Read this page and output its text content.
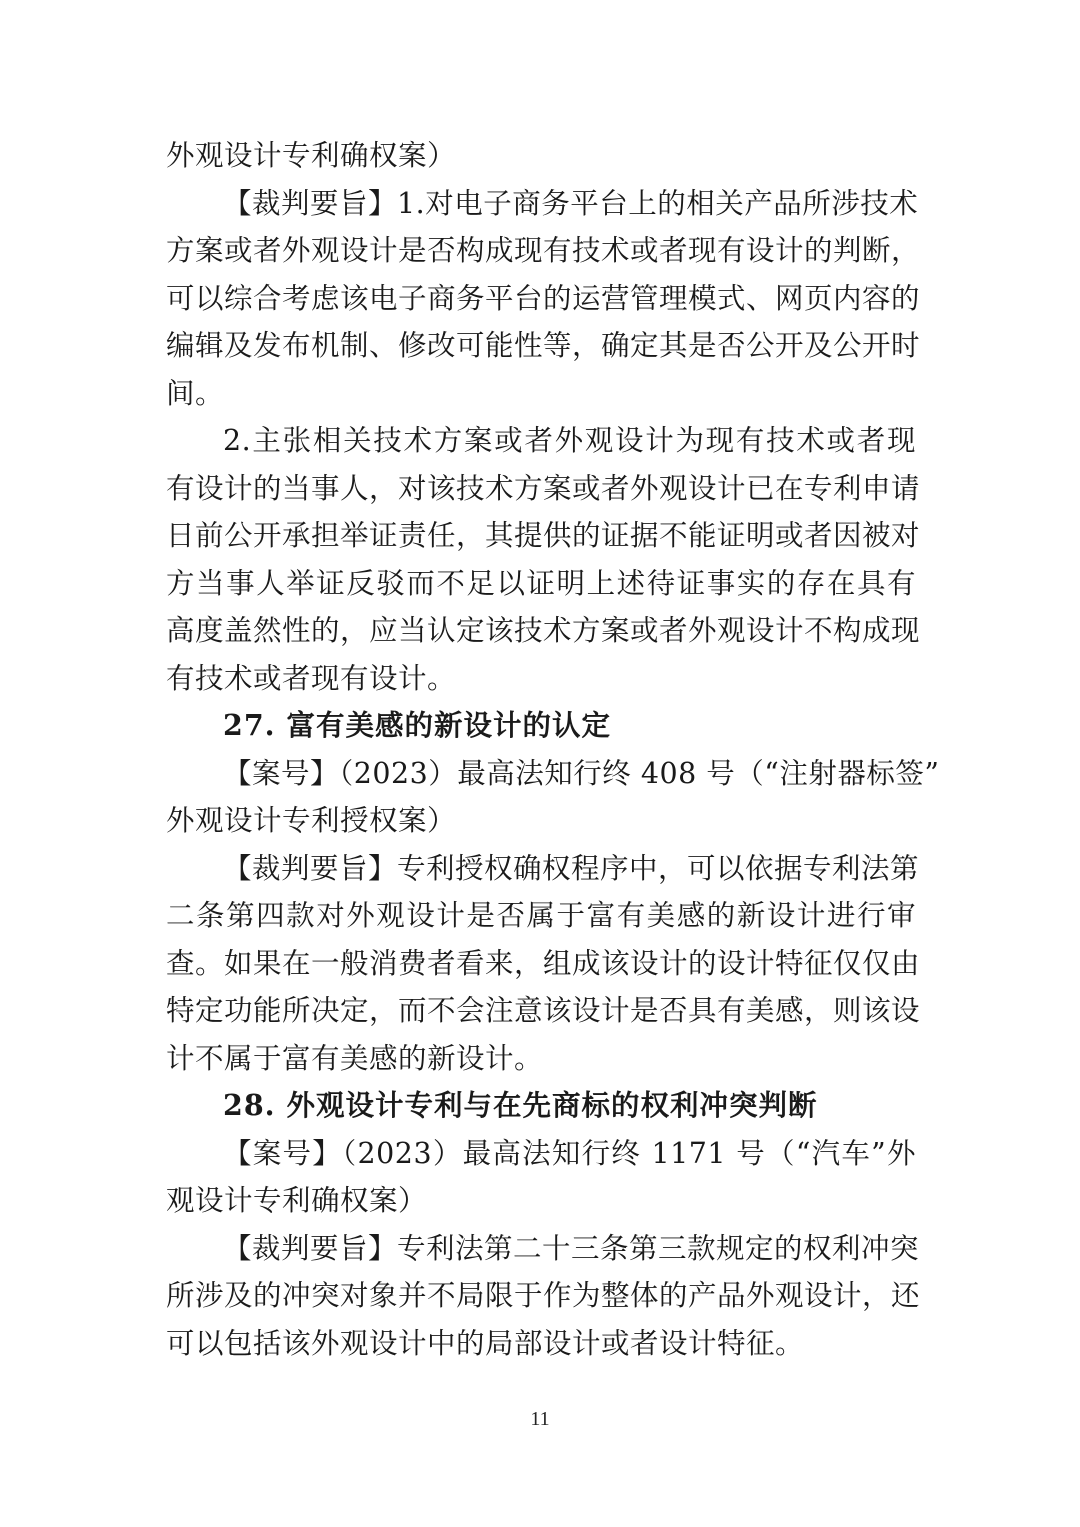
外观设计专利确权案）
【裁判要旨】1.对电子商务平台上的相关产品所涉技术
方案或者外观设计是否构成现有技术或者现有设计的判断，
可以综合考虑该电子商务平台的运营管理模式、网页内容的
编辑及发布机制、修改可能性等，确定其是否公开及公开时
间。
2.主张相关技术方案或者外观设计为现有技术或者现
有设计的当事人，对该技术方案或者外观设计已在专利申请
日前公开承担举证责任，其提供的证据不能证明或者因被对
方当事人举证反驳而不足以证明上述待证事实的存在具有
高度盖然性的，应当认定该技术方案或者外观设计不构成现
有技术或者现有设计。
27. 富有美感的新设计的认定
【案号】（2023）最高法知行终 408 号（“注射器标签”
外观设计专利授权案）
【裁判要旨】专利授权确权程序中，可以依据专利法第
二条第四款对外观设计是否属于富有美感的新设计进行审
查。如果在一般消费者看来，组成该设计的设计特征仅仅由
特定功能所决定，而不会注意该设计是否具有美感，则该设
计不属于富有美感的新设计。
28. 外观设计专利与在先商标的权利冲突判断
【案号】（2023）最高法知行终 1171 号（“汽车”外
观设计专利确权案）
【裁判要旨】专利法第二十三条第三款规定的权利冲突
所涉及的冲突对象并不局限于作为整体的产品外观设计，还
可以包括该外观设计中的局部设计或者设计特征。
11
